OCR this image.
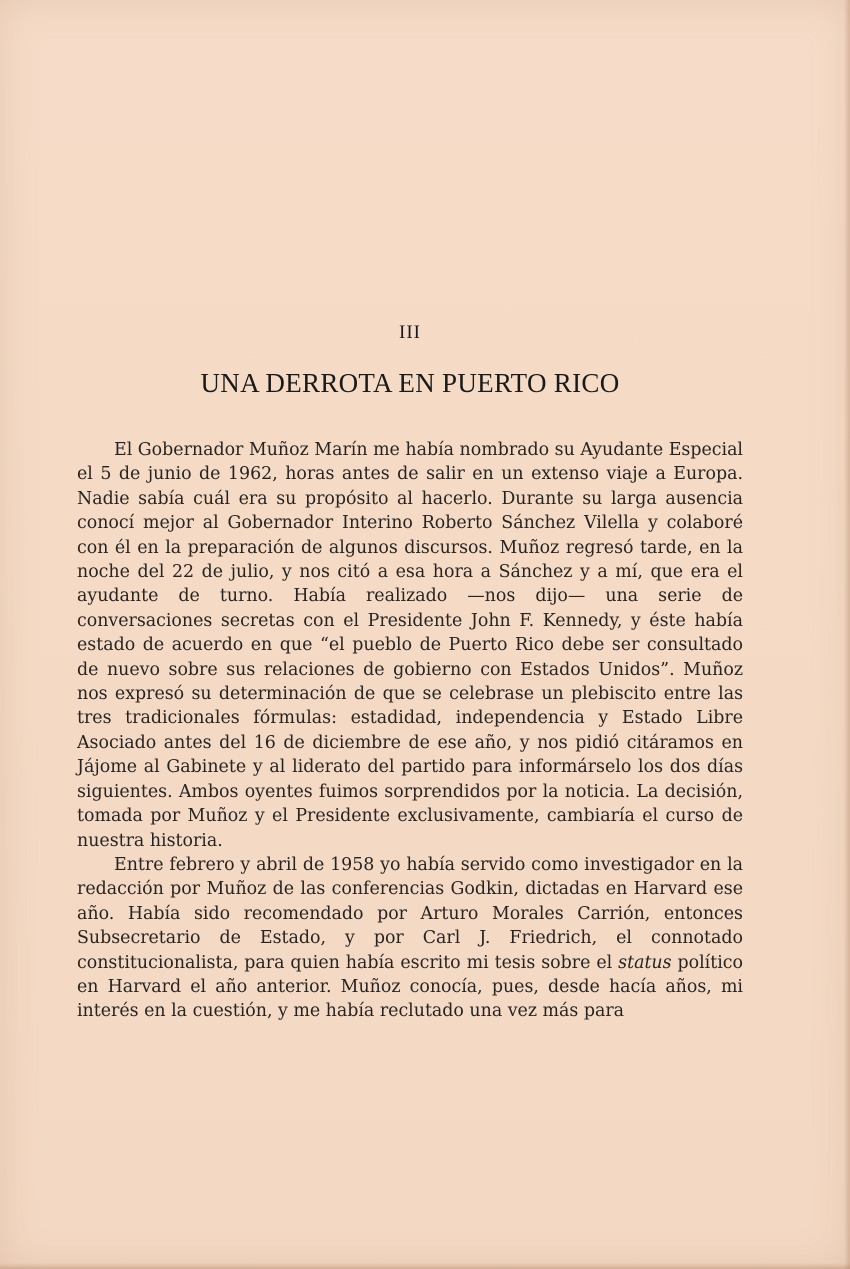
III
UNA DERROTA EN PUERTO RICO

El Gobernador Muñoz Marín me había nombrado su Ayudante Especial el 5 de junio de 1962, horas antes de salir en un extenso viaje a Europa. Nadie sabía cuál era su propósito al hacerlo. Durante su larga ausencia conocí mejor al Gobernador Interino Roberto Sánchez Vilella y colaboré con él en la preparación de algunos discursos. Muñoz regresó tarde, en la noche del 22 de julio, y nos citó a esa hora a Sánchez y a mí, que era el ayudante de turno. Había realizado —nos dijo— una serie de conversaciones secretas con el Presidente John F. Kennedy, y éste había estado de acuerdo en que “el pueblo de Puerto Rico debe ser consultado de nuevo sobre sus relaciones de gobierno con Estados Unidos”. Muñoz nos expresó su determinación de que se celebrase un plebiscito entre las tres tradicionales fórmulas: estadidad, independencia y Estado Libre Asociado antes del 16 de diciembre de ese año, y nos pidió citáramos en Jájome al Gabinete y al liderato del partido para informárselo los dos días siguientes. Ambos oyentes fuimos sorprendidos por la noticia. La decisión, tomada por Muñoz y el Presidente exclusivamente, cambiaría el curso de nuestra historia.

Entre febrero y abril de 1958 yo había servido como investigador en la redacción por Muñoz de las conferencias Godkin, dictadas en Harvard ese año. Había sido recomendado por Arturo Morales Carrión, entonces Subsecretario de Estado, y por Carl J. Friedrich, el connotado constitucionalista, para quien había escrito mi tesis sobre el status político en Harvard el año anterior. Muñoz conocía, pues, desde hacía años, mi interés en la cuestión, y me había reclutado una vez más para
